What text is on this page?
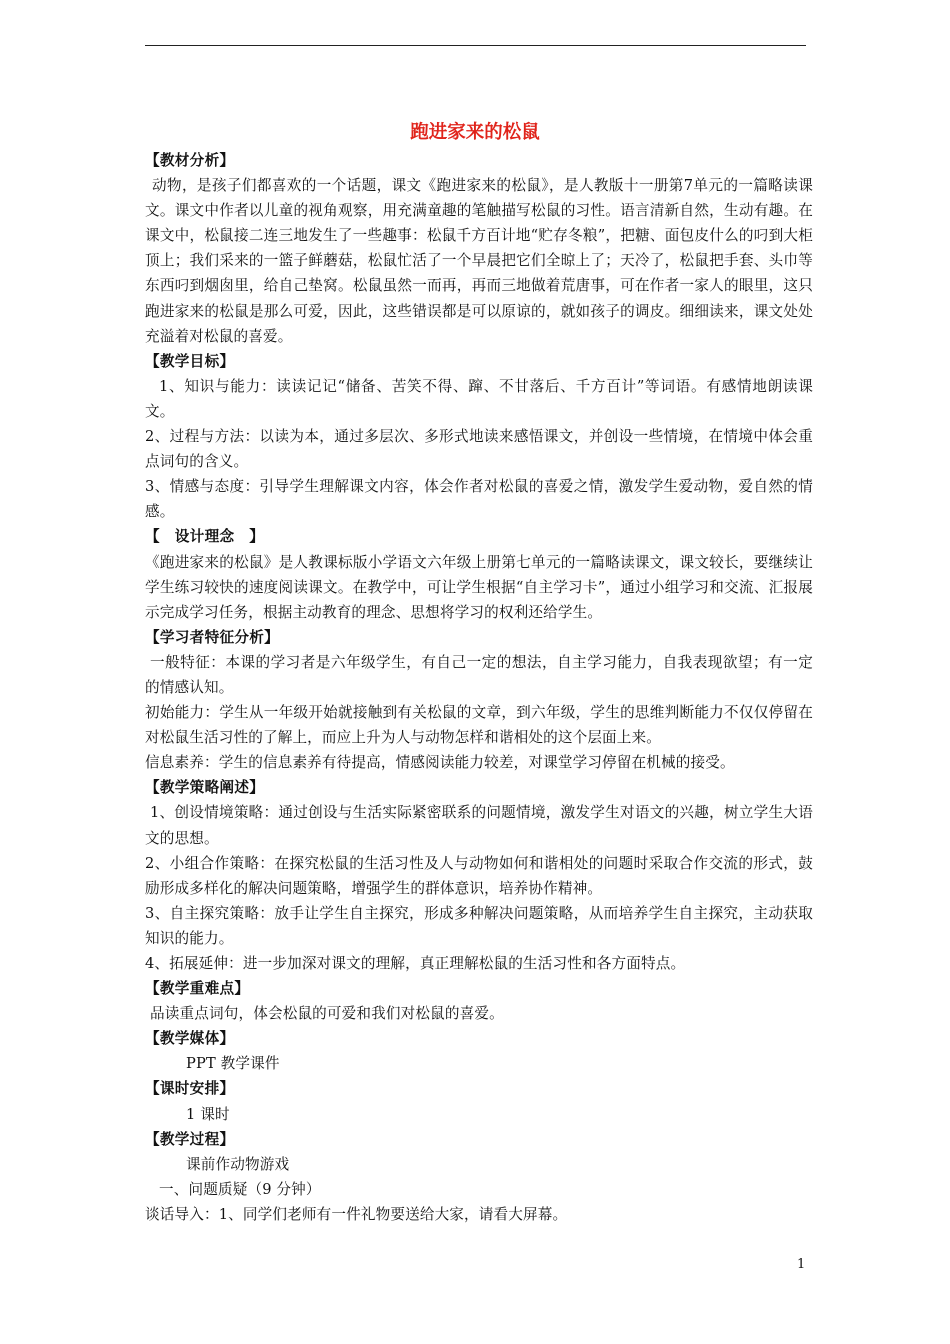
跑进家来的松鼠

【教材分析】

动物，是孩子们都喜欢的一个话题，课文《跑进家来的松鼠》，是人教版十一册第7单元的一篇略读课文。课文中作者以儿童的视角观察，用充满童趣的笔触描写松鼠的习性。语言清新自然，生动有趣。在课文中，松鼠接二连三地发生了一些趣事：松鼠千方百计地“贮存冬粮”，把糖、面包皮什么的叼到大柜顶上；我们采来的一篮子鲜蘑菇，松鼠忙活了一个早晨把它们全晾上了；天冷了，松鼠把手套、头巾等东西叼到烟囱里，给自己垫窝。松鼠虽然一而再，再而三地做着荒唐事，可在作者一家人的眼里，这只跑进家来的松鼠是那么可爱，因此，这些错误都是可以原谅的，就如孩子的调皮。细细读来，课文处处充溢着对松鼠的喜爱。

【教学目标】

1、知识与能力：读读记记“储备、苦笑不得、蹿、不甘落后、千方百计”等词语。有感情地朗读课文。

2、过程与方法：以读为本，通过多层次、多形式地读来感悟课文，并创设一些情境，在情境中体会重点词句的含义。

3、情感与态度：引导学生理解课文内容，体会作者对松鼠的喜爱之情，激发学生爱动物，爱自然的情感。

【　设计理念　】

《跑进家来的松鼠》是人教课标版小学语文六年级上册第七单元的一篇略读课文，课文较长，要继续让学生练习较快的速度阅读课文。在教学中，可让学生根据“自主学习卡”，通过小组学习和交流、汇报展示完成学习任务，根据主动教育的理念、思想将学习的权利还给学生。

【学习者特征分析】

一般特征：本课的学习者是六年级学生，有自己一定的想法，自主学习能力，自我表现欲望；有一定的情感认知。

初始能力：学生从一年级开始就接触到有关松鼠的文章，到六年级，学生的思维判断能力不仅仅停留在对松鼠生活习性的了解上，而应上升为人与动物怎样和谐相处的这个层面上来。

信息素养：学生的信息素养有待提高，情感阅读能力较差，对课堂学习停留在机械的接受。

【教学策略阐述】

1、创设情境策略：通过创设与生活实际紧密联系的问题情境，激发学生对语文的兴趣，树立学生大语文的思想。

2、小组合作策略：在探究松鼠的生活习性及人与动物如何和谐相处的问题时采取合作交流的形式，鼓励形成多样化的解决问题策略，增强学生的群体意识，培养协作精神。

3、自主探究策略：放手让学生自主探究，形成多种解决问题策略，从而培养学生自主探究，主动获取知识的能力。

4、拓展延伸：进一步加深对课文的理解，真正理解松鼠的生活习性和各方面特点。

【教学重难点】

品读重点词句，体会松鼠的可爱和我们对松鼠的喜爱。

【教学媒体】

PPT 教学课件

【课时安排】

1 课时

【教学过程】

课前作动物游戏

一、问题质疑（9 分钟）

谈话导入：1、同学们老师有一件礼物要送给大家，请看大屏幕。

1
